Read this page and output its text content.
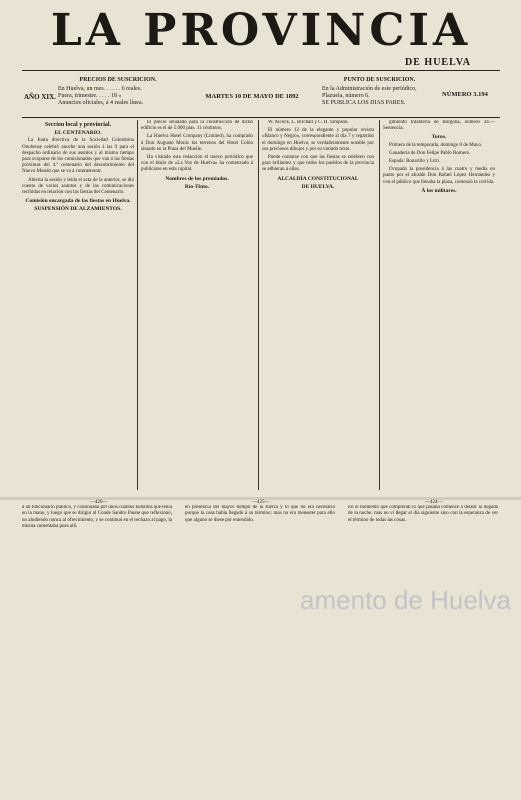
LA PROVINCIA
DE HUELVA
AÑO XIX.
PRECIOS DE SUSCRICION.
En Huelva, un mes. . . . . . 6 reales.
Fuera, trimestre. . . . . 18 »
Anuncios oficiales, á 4 reales línea.
MARTES 10 DE MAYO DE 1892
PUNTO DE SUSCRICION.
En la Administración de este periódico,
Plazuela, número 6.
SE PUBLICA LOS DIAS PARES.
NÚMERO 3.194
Seccion local y provincial.
EL CENTENARIO.

La Junta directiva de la Sociedad Colombina Onubense celebró anoche una sesión á las 9 para el despacho ordinario de sus asuntos y al mismo tiempo para ocuparse de los comisionados que van á las fiestas próximas del 4.º centenario del descubrimiento del Nuevo Mundo que se va á conmemorar.

Abierta la sesión y leída el acta de la anterior, se dió cuenta de varios asuntos y de las comunicaciones recibidas en relación con las fiestas del Centenario.

Comisión encargada de las fiestas en Huelva.
SUSPENSIÓN DE ALZAMIENTOS.

El precio señalado para la construcción de dicho edificio es el de 5.000 ptas. 11 céntimos.

La Huelva Hotel Company (Limited), ha comprado á Don Augusto Monis los terrenos del Hotel Colón situado en la Plaza del Muelle.

Ha visitado esta redacción el nuevo periódico que con el título de «La Voz de Huelva» ha comenzado á publicarse en esta capital.

Nombres de los premiados.
Río-Tinto.

W. Alcock, L. Birchall y C. H. Simpson.

El número 12 de la elegante y popular revista «Blanco y Negro», correspondiente al día 7 y repartido el domingo en Huelva, se verdaderamente notable por sus preciosos dibujos y por su variado texto.

Puede contarse con que las fiestas se celebren con gran brillantez y que todos los pueblos de la provincia se adhieran á ellas.

ALCALDÍA CONSTITUCIONAL
DE HUELVA.

gimiento Infantería de Borgoña, número 34.—Sentencia.

Toros.

Primera de la temporada, domingo 8 de Mayo.

Ganadería de Don Felipe Pablo Romero.

Espada: Bonarillo y Litri.

Ocupada la presidencia á las cuatro y media en punto por el alcalde Don Rafael López Hernández y con el público que llenaba la plaza, comenzó la corrida.

Á los militares.
—426—	—425—	—424—
á un funcionario público, y continuaba por unos cuantos bolsillos que tenía en la mano, y luego que se dirigió al Conde Sandro Paone que reflexionó, no aludiendo nunca al ofrecimiento, y se continuó en el rechazo al pago, la misma comentaba pues allí.
en presencia del mayor tiempo de la fuerza y lo que no era necesario porque la cosa había llegado á su término; mas no era menester para ello que alguno se diese por entendido.
En el momento que comprendí lo que pasaba comencé á desear la llegada de la noche; mas no vi llegar el día siguiente sino con la esperanza de ver el término de todas las cosas.
amento de Huelva
